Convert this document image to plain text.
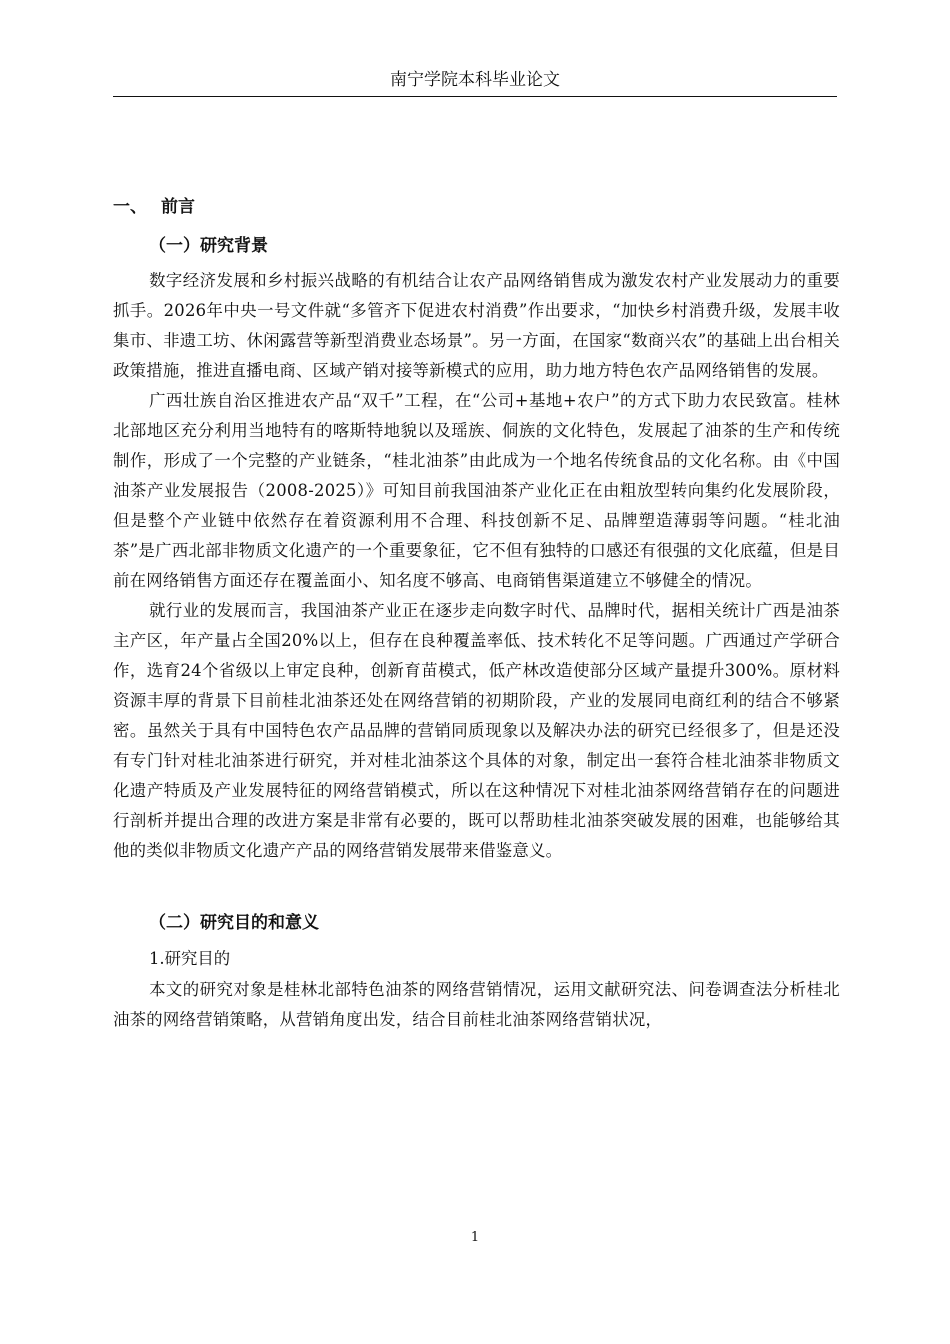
南宁学院本科毕业论文
一、 前言
（一）研究背景

数字经济发展和乡村振兴战略的有机结合让农产品网络销售成为激发农村产业发展动力的重要抓手。2026年中央一号文件就“多管齐下促进农村消费”作出要求，“加快乡村消费升级，发展丰收集市、非遗工坊、休闲露营等新型消费业态场景”。另一方面，在国家“数商兴农”的基础上出台相关政策措施，推进直播电商、区域产销对接等新模式的应用，助力地方特色农产品网络销售的发展。

广西壮族自治区推进农产品“双千”工程，在“公司+基地+农户”的方式下助力农民致富。桂林北部地区充分利用当地特有的喀斯特地貌以及瑶族、侗族的文化特色，发展起了油茶的生产和传统制作，形成了一个完整的产业链条，“桂北油茶”由此成为一个地名传统食品的文化名称。由《中国油茶产业发展报告（2008-2025）》可知目前我国油茶产业化正在由粗放型转向集约化发展阶段，但是整个产业链中依然存在着资源利用不合理、科技创新不足、品牌塑造薄弱等问题。“桂北油茶”是广西北部非物质文化遗产的一个重要象征，它不但有独特的口感还有很强的文化底蕴，但是目前在网络销售方面还存在覆盖面小、知名度不够高、电商销售渠道建立不够健全的情况。

就行业的发展而言，我国油茶产业正在逐步走向数字时代、品牌时代，据相关统计广西是油茶主产区，年产量占全国20%以上，但存在良种覆盖率低、技术转化不足等问题。广西通过产学研合作，选育24个省级以上审定良种，创新育苗模式，低产林改造使部分区域产量提升300%。原材料资源丰厚的背景下目前桂北油茶还处在网络营销的初期阶段，产业的发展同电商红利的结合不够紧密。虽然关于具有中国特色农产品品牌的营销同质现象以及解决办法的研究已经很多了，但是还没有专门针对桂北油茶进行研究，并对桂北油茶这个具体的对象，制定出一套符合桂北油茶非物质文化遗产特质及产业发展特征的网络营销模式，所以在这种情况下对桂北油茶网络营销存在的问题进行剖析并提出合理的改进方案是非常有必要的，既可以帮助桂北油茶突破发展的困难，也能够给其他的类似非物质文化遗产产品的网络营销发展带来借鉴意义。

（二）研究目的和意义
1.研究目的

本文的研究对象是桂林北部特色油茶的网络营销情况，运用文献研究法、问卷调查法分析桂北油茶的网络营销策略，从营销角度出发，结合目前桂北油茶网络营销状况，

1
